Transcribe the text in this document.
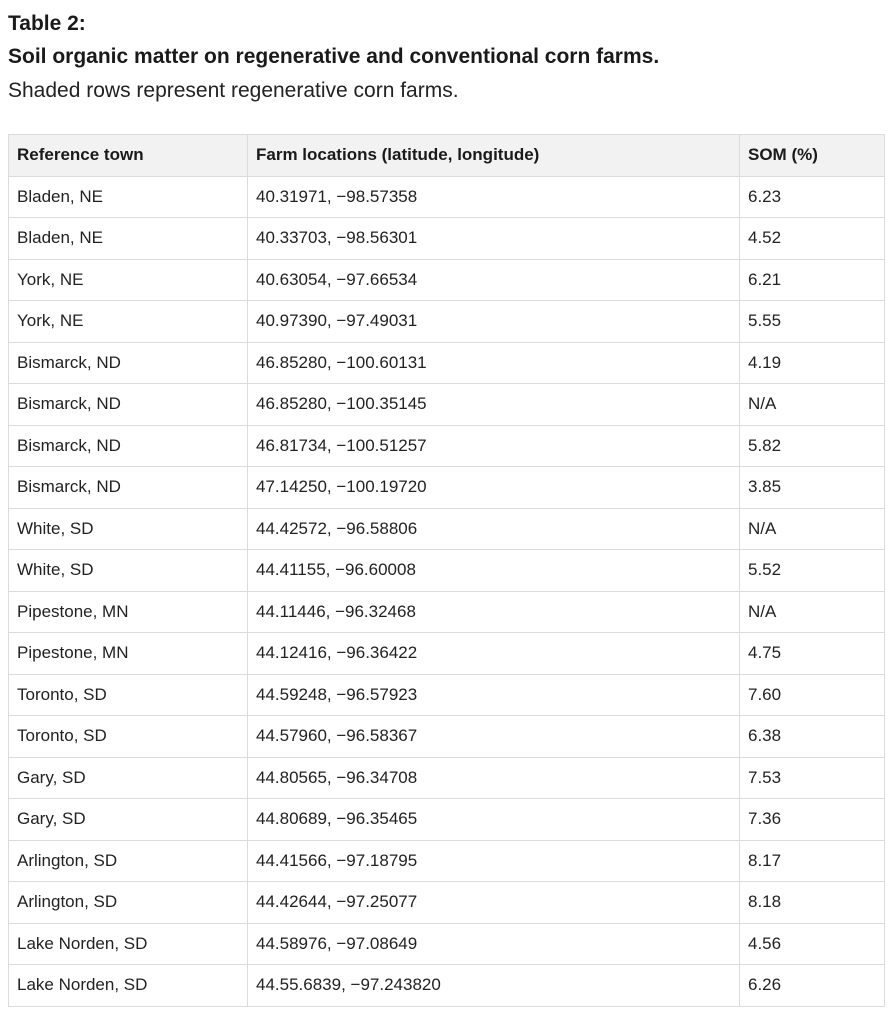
Table 2:

Soil organic matter on regenerative and conventional corn farms.

Shaded rows represent regenerative corn farms.

Reference town	Farm locations (latitude, longitude)	SOM (%)
Bladen, NE	40.31971, −98.57358	6.23
Bladen, NE	40.33703, −98.56301	4.52
York, NE	40.63054, −97.66534	6.21
York, NE	40.97390, −97.49031	5.55
Bismarck, ND	46.85280, −100.60131	4.19
Bismarck, ND	46.85280, −100.35145	N/A
Bismarck, ND	46.81734, −100.51257	5.82
Bismarck, ND	47.14250, −100.19720	3.85
White, SD	44.42572, −96.58806	N/A
White, SD	44.41155, −96.60008	5.52
Pipestone, MN	44.11446, −96.32468	N/A
Pipestone, MN	44.12416, −96.36422	4.75
Toronto, SD	44.59248, −96.57923	7.60
Toronto, SD	44.57960, −96.58367	6.38
Gary, SD	44.80565, −96.34708	7.53
Gary, SD	44.80689, −96.35465	7.36
Arlington, SD	44.41566, −97.18795	8.17
Arlington, SD	44.42644, −97.25077	8.18
Lake Norden, SD	44.58976, −97.08649	4.56
Lake Norden, SD	44.55.6839, −97.243820	6.26
